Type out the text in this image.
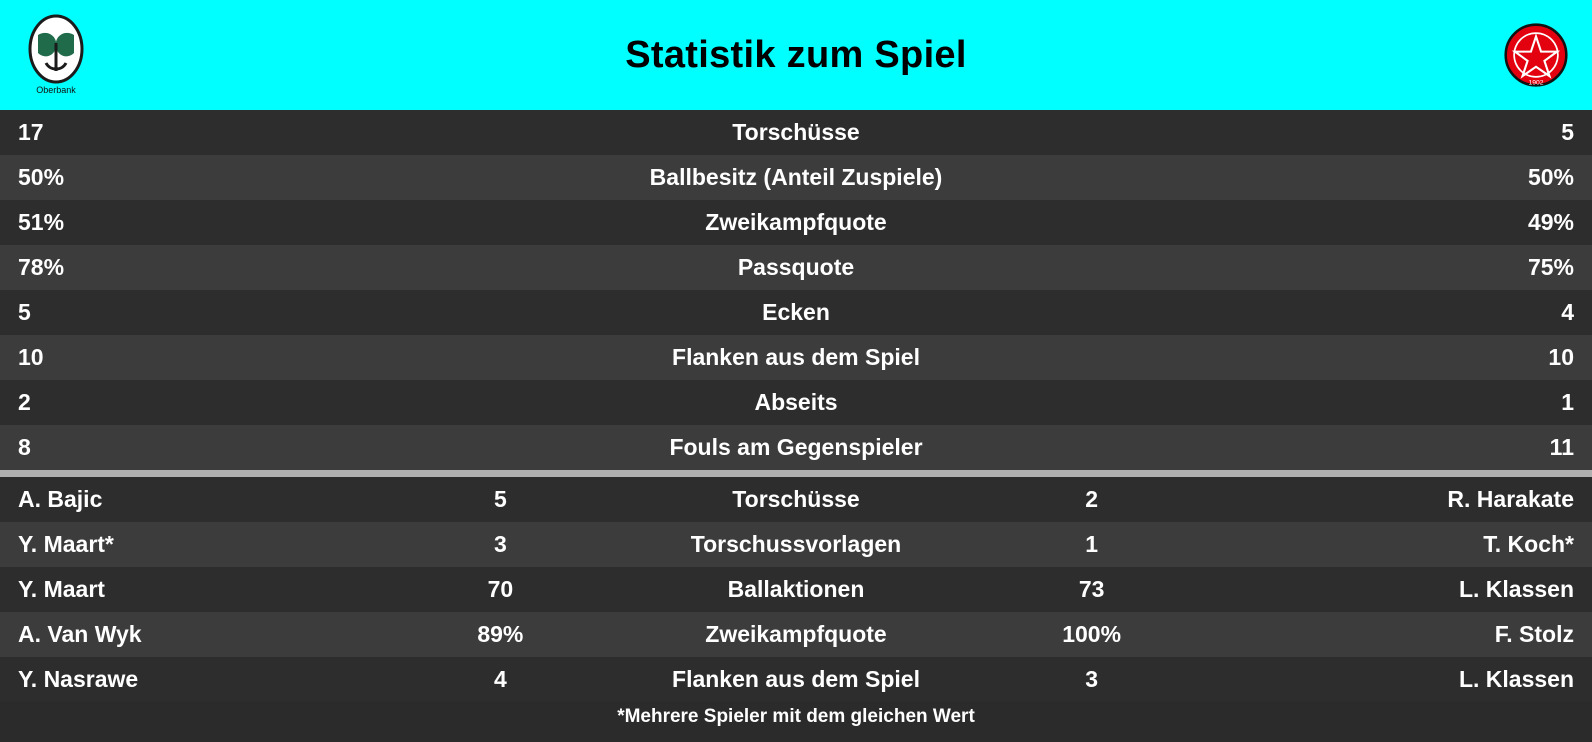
Oberbank
Statistik zum Spiel
1902
17	Torschüsse	5
50%	Ballbesitz (Anteil Zuspiele)	50%
51%	Zweikampfquote	49%
78%	Passquote	75%
5	Ecken	4
10	Flanken aus dem Spiel	10
2	Abseits	1
8	Fouls am Gegenspieler	11
A. Bajic	5	Torschüsse	2	R. Harakate
Y. Maart*	3	Torschussvorlagen	1	T. Koch*
Y. Maart	70	Ballaktionen	73	L. Klassen
A. Van Wyk	89%	Zweikampfquote	100%	F. Stolz
Y. Nasrawe	4	Flanken aus dem Spiel	3	L. Klassen
*Mehrere Spieler mit dem gleichen Wert
